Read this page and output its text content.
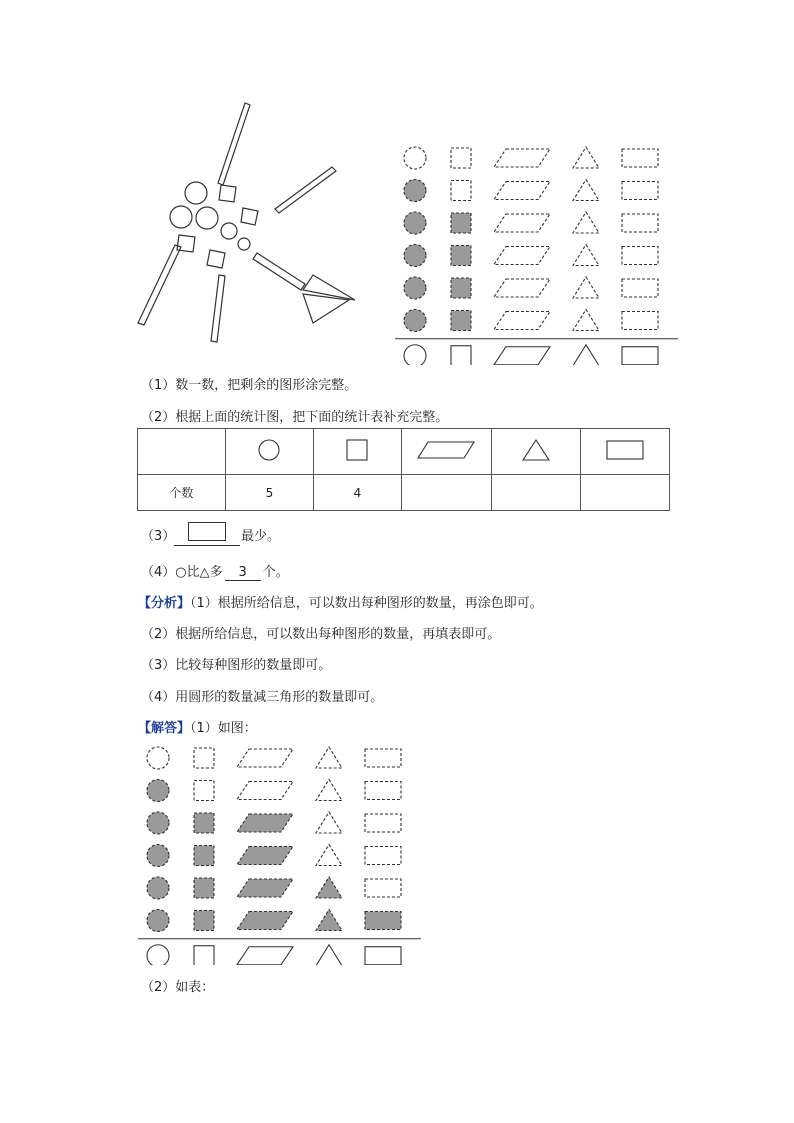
（1）数一数，把剩余的图形涂完整。
（2）根据上面的统计图，把下面的统计表补充完整。

个数	5	4			
（3）	最少。
（4）○比△多 3 个。
【分析】（1）根据所给信息，可以数出每种图形的数量，再涂色即可。
（2）根据所给信息，可以数出每种图形的数量，再填表即可。
（3）比较每种图形的数量即可。
（4）用圆形的数量减三角形的数量即可。
【解答】（1）如图：
（2）如表：
